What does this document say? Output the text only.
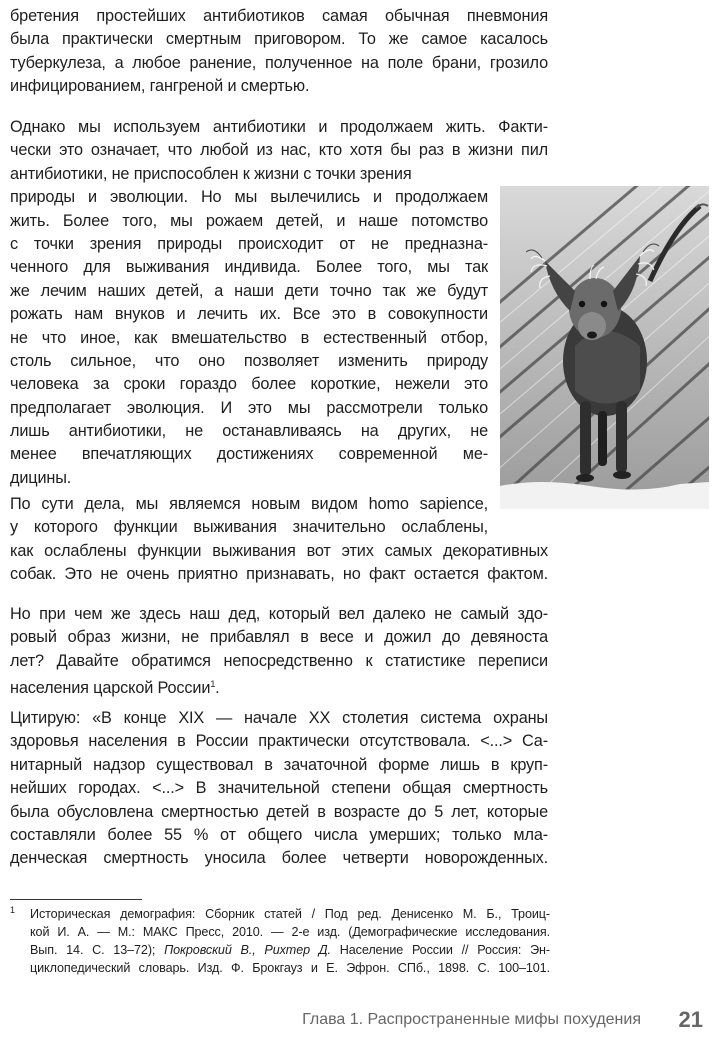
бретения простейших антибиотиков самая обычная пневмония
была практически смертным приговором. То же самое касалось
туберкулеза, а любое ранение, полученное на поле брани, грозило
инфицированием, гангреной и смертью.
Однако мы используем антибиотики и продолжаем жить. Факти-
чески это означает, что любой из нас, кто хотя бы раз в жизни пил
антибиотики, не приспособлен к жизни с точки зрения
природы и эволюции. Но мы вылечились и продолжаем
жить. Более того, мы рожаем детей, и наше потомство
с точки зрения природы происходит от не предназна-
ченного для выживания индивида. Более того, мы так
же лечим наших детей, а наши дети точно так же будут
рожать нам внуков и лечить их. Все это в совокупности
не что иное, как вмешательство в естественный отбор,
столь сильное, что оно позволяет изменить природу
человека за сроки гораздо более короткие, нежели это
предполагает эволюция. И это мы рассмотрели только
лишь антибиотики, не останавливаясь на других, не
менее впечатляющих достижениях современной ме-
дицины.
По сути дела, мы являемся новым видом homo sapience,
у которого функции выживания значительно ослаблены,
как ослаблены функции выживания вот этих самых декоративных
собак. Это не очень приятно признавать, но факт остается фактом.
Но при чем же здесь наш дед, который вел далеко не самый здо-
ровый образ жизни, не прибавлял в весе и дожил до девяноста
лет? Давайте обратимся непосредственно к статистике переписи
населения царской России$^1$.
Цитирую: «В конце XIX — начале XX столетия система охраны
здоровья населения в России практически отсутствовала. <...> Са-
нитарный надзор существовал в зачаточной форме лишь в круп-
нейших городах. <...> В значительной степени общая смертность
была обусловлена смертностью детей в возрасте до 5 лет, которые
составляли более 55 % от общего числа умерших; только мла-
денческая смертность уносила более четверти новорожденных.
1 Историческая демография: Сборник статей / Под ред. Денисенко М. Б., Троиц-
кой И. А. — М.: МАКС Пресс, 2010. — 2-е изд. (Демографические исследования.
Вып. 14. С. 13–72); Покровский В., Рихтер Д. Население России // Россия: Эн-
циклопедический словарь. Изд. Ф. Брокгауз и Е. Эфрон. СПб., 1898. С. 100–101.
Глава 1. Распространенные мифы похудения 21
